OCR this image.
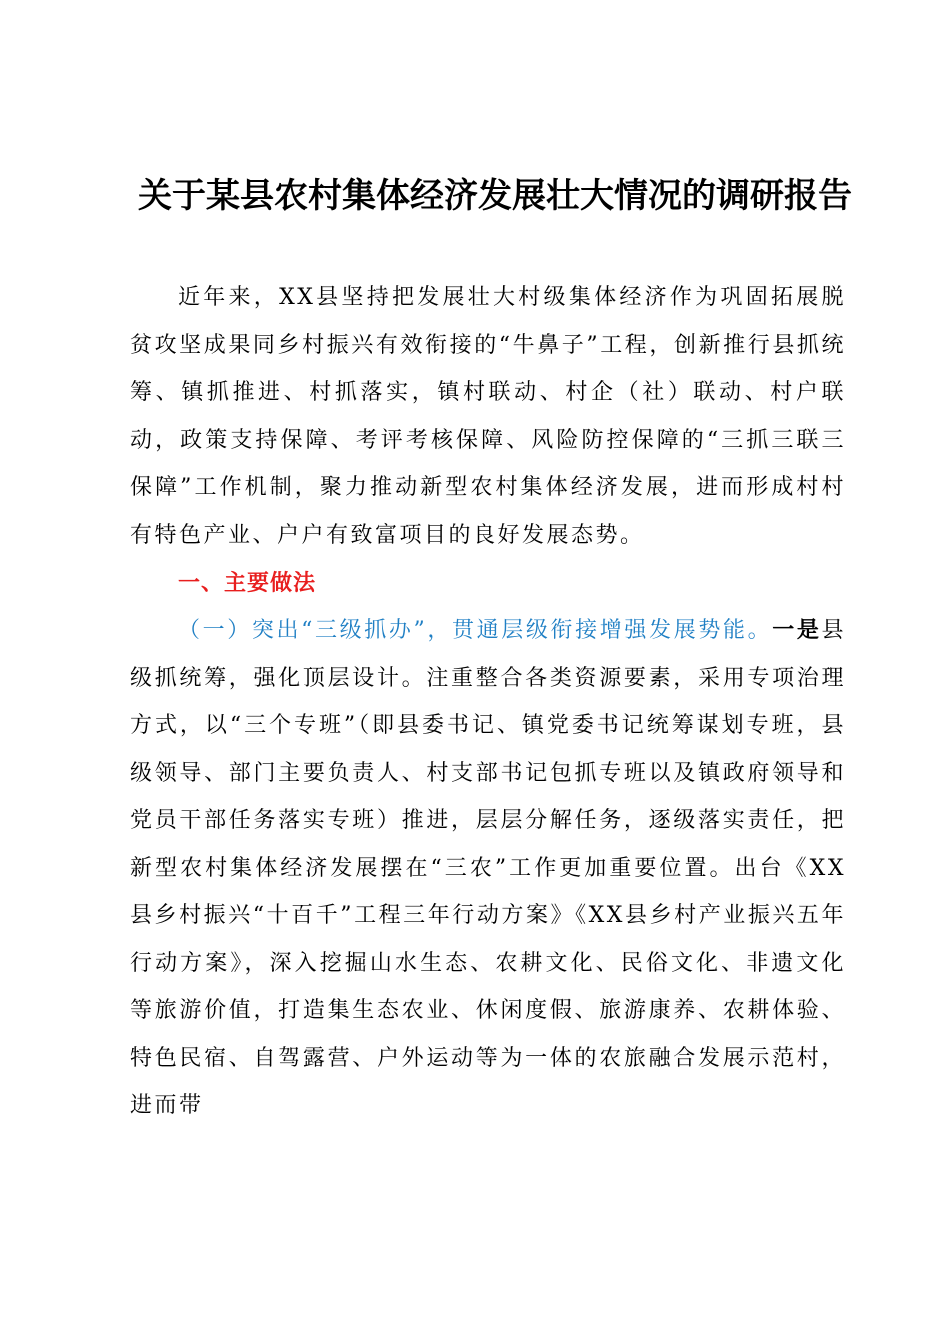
关于某县农村集体经济发展壮大情况的调研报告

近年来，XX县坚持把发展壮大村级集体经济作为巩固拓展脱贫攻坚成果同乡村振兴有效衔接的“牛鼻子”工程，创新推行县抓统筹、镇抓推进、村抓落实，镇村联动、村企（社）联动、村户联动，政策支持保障、考评考核保障、风险防控保障的“三抓三联三保障”工作机制，聚力推动新型农村集体经济发展，进而形成村村有特色产业、户户有致富项目的良好发展态势。

一、主要做法

（一）突出“三级抓办”，贯通层级衔接增强发展势能。一是县级抓统筹，强化顶层设计。注重整合各类资源要素，采用专项治理方式，以“三个专班”（即县委书记、镇党委书记统筹谋划专班，县级领导、部门主要负责人、村支部书记包抓专班以及镇政府领导和党员干部任务落实专班）推进，层层分解任务，逐级落实责任，把新型农村集体经济发展摆在“三农”工作更加重要位置。出台《XX县乡村振兴“十百千”工程三年行动方案》《XX县乡村产业振兴五年行动方案》，深入挖掘山水生态、农耕文化、民俗文化、非遗文化等旅游价值，打造集生态农业、休闲度假、旅游康养、农耕体验、特色民宿、自驾露营、户外运动等为一体的农旅融合发展示范村，进而带
